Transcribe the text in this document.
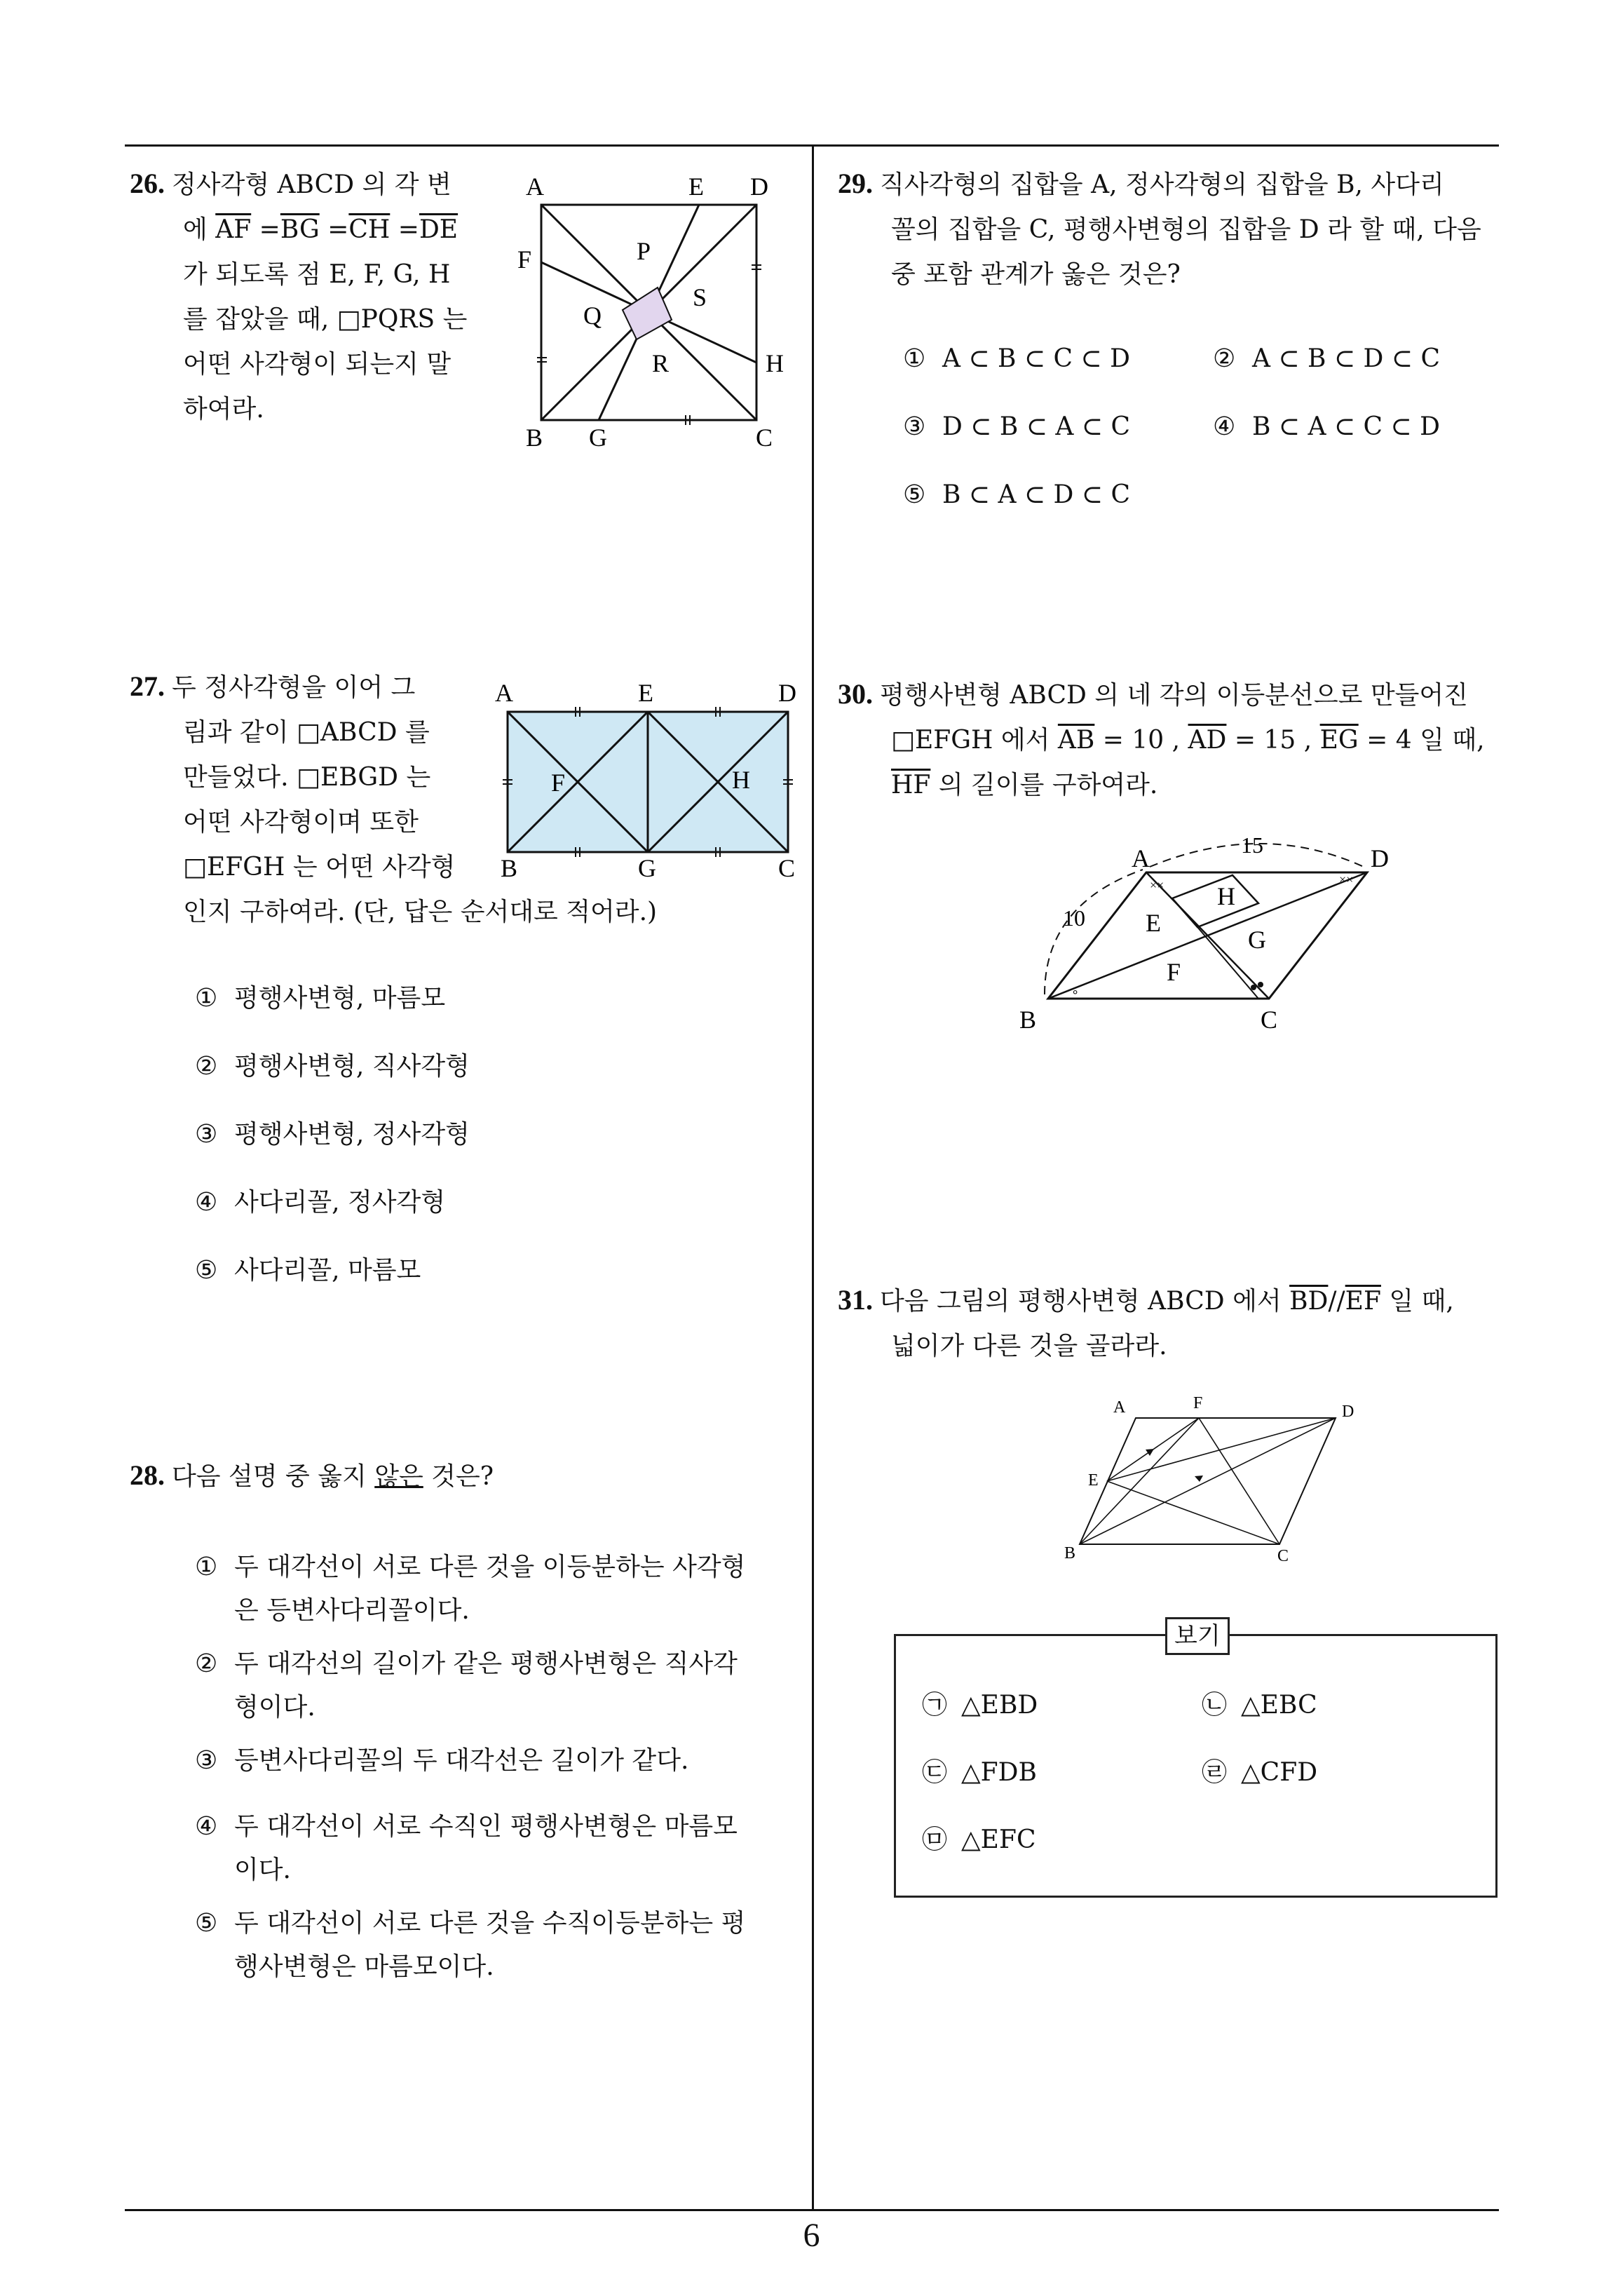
26. 정사각형 ABCD 의 각 변
에 $\overline{AF} =\overline{BG} =\overline{CH} =\overline{DE}$
가 되도록 점 E, F, G, H
를 잡았을 때, □PQRS 는
어떤 사각형이 되는지 말
하여라.
A	E D
F	P
S
Q
R	H
B G	C
27. 두 정사각형을 이어 그
림과 같이 □ABCD 를
만들었다. □EBGD 는
어떤 사각형이며 또한
□EFGH 는 어떤 사각형
인지 구하여라. (단, 답은 순서대로 적어라.)
A	E	D
F	H
B	G	C
① 평행사변형, 마름모
② 평행사변형, 직사각형
③ 평행사변형, 정사각형
④ 사다리꼴, 정사각형
⑤ 사다리꼴, 마름모
28. 다음 설명 중 옳지 않은 것은?
① 두 대각선이 서로 다른 것을 이등분하는 사각형
은 등변사다리꼴이다.
② 두 대각선의 길이가 같은 평행사변형은 직사각
형이다.
③ 등변사다리꼴의 두 대각선은 길이가 같다.
④ 두 대각선이 서로 수직인 평행사변형은 마름모
이다.
⑤ 두 대각선이 서로 다른 것을 수직이등분하는 평
행사변형은 마름모이다.
29. 직사각형의 집합을 A, 정사각형의 집합을 B, 사다리
꼴의 집합을 C, 평행사변형의 집합을 D 라 할 때, 다음
중 포함 관계가 옳은 것은?
① A ⊂ B ⊂ C ⊂ D	② A ⊂ B ⊂ D ⊂ C
③ D ⊂ B ⊂ A ⊂ C	④ B ⊂ A ⊂ C ⊂ D
⑤ B ⊂ A ⊂ D ⊂ C
30. 평행사변형 ABCD 의 네 각의 이등분선으로 만들어진
□EFGH 에서 $\overline{AB} = 10$ , $\overline{AD} = 15$ , $\overline{EG} = 4$ 일 때,
$\overline{HF}$ 의 길이를 구하여라.
A	D
B	C
E
F
G
H
15
10
××	××
∘
31. 다음 그림의 평행사변형 ABCD 에서 $\overline{BD}//\overline{EF}$ 일 때,
넓이가 다른 것을 골라라.
A	F	D
E
B	C
보기
㉠ △EBD	㉡ △EBC
㉢ △FDB	㉣ △CFD
㉤ △EFC
6
